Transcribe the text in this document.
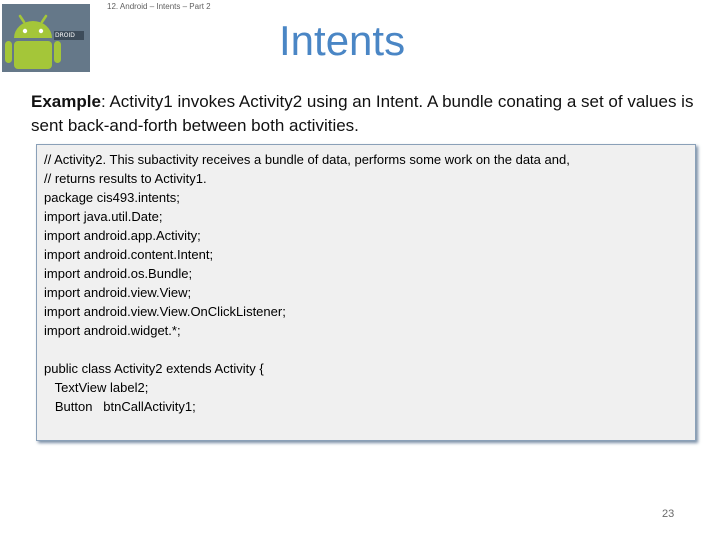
DROID
12. Android – Intents – Part 2
Intents
Example: Activity1 invokes Activity2 using an Intent. A bundle conating a set of values is sent back-and-forth between both activities.
// Activity2. This subactivity receives a bundle of data, performs some work on the data and,
// returns results to Activity1.
package cis493.intents;
import java.util.Date;
import android.app.Activity;
import android.content.Intent;
import android.os.Bundle;
import android.view.View;
import android.view.View.OnClickListener;
import android.widget.*;
public class Activity2 extends Activity {
TextView label2;
Button   btnCallActivity1;
23
